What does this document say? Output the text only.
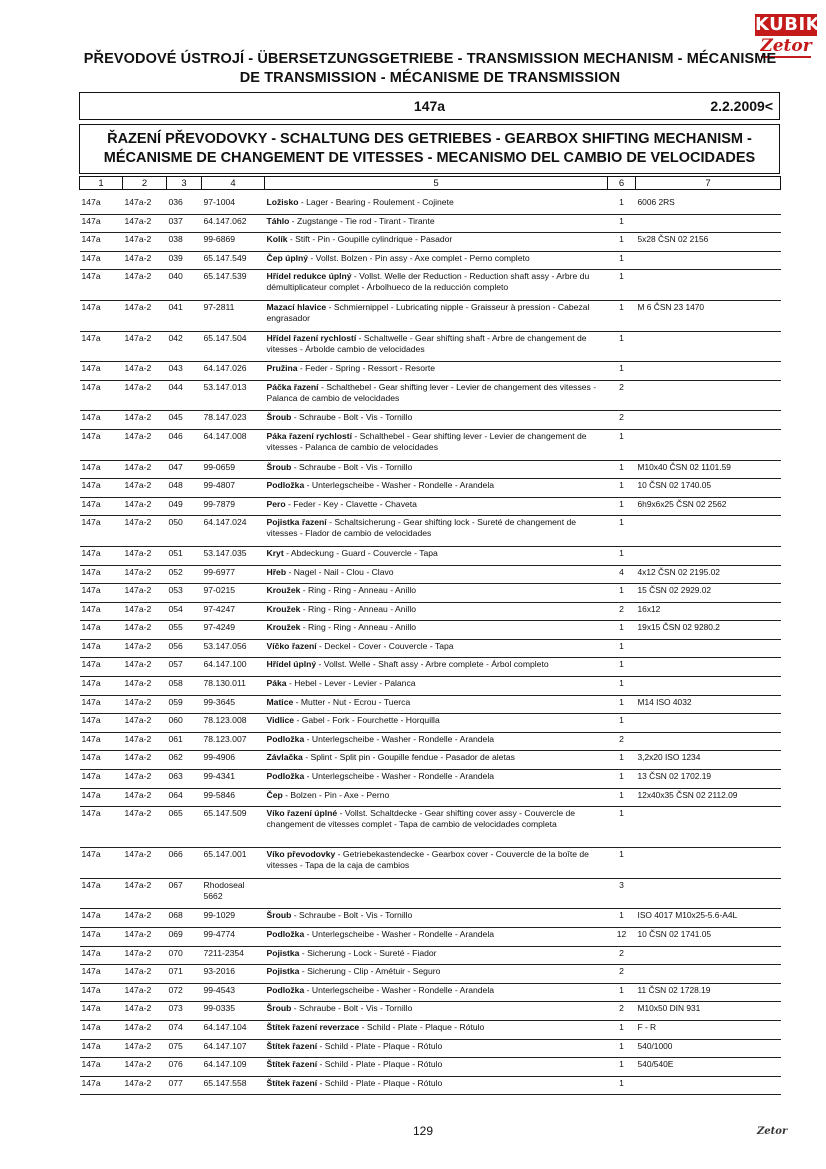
KUBIK
Zetor
PŘEVODOVÉ ÚSTROJÍ - ÜBERSETZUNGSGETRIEBE - TRANSMISSION MECHANISM - MÉCANISME DE TRANSMISSION - MÉCANISME DE TRANSMISSION
147a	2.2.2009<
ŘAZENÍ PŘEVODOVKY - SCHALTUNG DES GETRIEBES - GEARBOX SHIFTING MECHANISM - MÉCANISME DE CHANGEMENT DE VITESSES - MECANISMO DEL CAMBIO DE VELOCIDADES
1	2	3	4	5	6	7

147a	147a-2	036	97-1004	Ložisko - Lager - Bearing - Roulement - Cojinete	1	6006 2RS
147a	147a-2	037	64.147.062	Táhlo - Zugstange - Tie rod - Tirant - Tirante	1	
147a	147a-2	038	99-6869	Kolík - Stift - Pin - Goupille cylindrique - Pasador	1	5x28 ČSN 02 2156
147a	147a-2	039	65.147.549	Čep úplný - Vollst. Bolzen - Pin assy - Axe complet - Perno completo	1	
147a	147a-2	040	65.147.539	Hřídel redukce úplný - Vollst. Welle der Reduction - Reduction shaft assy - Arbre du démultiplicateur complet - Árbolhueco de la reducción completo	1	
147a	147a-2	041	97-2811	Mazací hlavice - Schmiernippel - Lubricating nipple - Graisseur à pression - Cabezal engrasador	1	M 6 ČSN 23 1470
147a	147a-2	042	65.147.504	Hřídel řazení rychlostí - Schaltwelle - Gear shifting shaft - Arbre de changement de vitesses - Árbolde cambio de velocidades	1	
147a	147a-2	043	64.147.026	Pružina - Feder - Spring - Ressort - Resorte	1	
147a	147a-2	044	53.147.013	Páčka řazení - Schalthebel - Gear shifting lever - Levier de changement des vitesses - Palanca de cambio de velocidades	2	
147a	147a-2	045	78.147.023	Šroub - Schraube - Bolt - Vis - Tornillo	2	
147a	147a-2	046	64.147.008	Páka řazení rychlostí - Schalthebel - Gear shifting lever - Levier de changement de vitesses - Palanca de cambio de velocidades	1	
147a	147a-2	047	99-0659	Šroub - Schraube - Bolt - Vis - Tornillo	1	M10x40 ČSN 02 1101.59
147a	147a-2	048	99-4807	Podložka - Unterlegscheibe - Washer - Rondelle - Arandela	1	10 ČSN 02 1740.05
147a	147a-2	049	99-7879	Pero - Feder - Key - Clavette - Chaveta	1	6h9x6x25 ČSN 02 2562
147a	147a-2	050	64.147.024	Pojistka řazení - Schaltsicherung - Gear shifting lock - Sureté de changement de vitesses - Flador de cambio de velocidades	1	
147a	147a-2	051	53.147.035	Kryt - Abdeckung - Guard - Couvercle - Tapa	1	
147a	147a-2	052	99-6977	Hřeb - Nagel - Nail - Clou - Clavo	4	4x12 ČSN 02 2195.02
147a	147a-2	053	97-0215	Kroužek - Ring - Ring - Anneau - Anillo	1	15 ČSN 02 2929.02
147a	147a-2	054	97-4247	Kroužek - Ring - Ring - Anneau - Anillo	2	16x12
147a	147a-2	055	97-4249	Kroužek - Ring - Ring - Anneau - Anillo	1	19x15 ČSN 02 9280.2
147a	147a-2	056	53.147.056	Víčko řazení - Deckel - Cover - Couvercle - Tapa	1	
147a	147a-2	057	64.147.100	Hřídel úplný - Vollst. Welle - Shaft assy - Arbre complete - Árbol completo	1	
147a	147a-2	058	78.130.011	Páka - Hebel - Lever - Levier - Palanca	1	
147a	147a-2	059	99-3645	Matice - Mutter - Nut - Ecrou - Tuerca	1	M14 ISO 4032
147a	147a-2	060	78.123.008	Vidlice - Gabel - Fork - Fourchette - Horquilla	1	
147a	147a-2	061	78.123.007	Podložka - Unterlegscheibe - Washer - Rondelle - Arandela	2	
147a	147a-2	062	99-4906	Závlačka - Splint - Split pin - Goupille fendue - Pasador de aletas	1	3,2x20 ISO 1234
147a	147a-2	063	99-4341	Podložka - Unterlegscheibe - Washer - Rondelle - Arandela	1	13 ČSN 02 1702.19
147a	147a-2	064	99-5846	Čep - Bolzen - Pin - Axe - Perno	1	12x40x35 ČSN 02 2112.09
147a	147a-2	065	65.147.509	Víko řazení úplné - Vollst. Schaltdecke - Gear shifting cover assy - Couvercle de changement de vitesses complet - Tapa de cambio de velocidades completa	1	
147a	147a-2	066	65.147.001	Víko převodovky - Getriebekastendecke - Gearbox cover - Couvercle de la boîte de vitesses - Tapa de la caja de cambios	1	
147a	147a-2	067	Rhodoseal 5662		3	
147a	147a-2	068	99-1029	Šroub - Schraube - Bolt - Vis - Tornillo	1	ISO 4017 M10x25-5.6-A4L
147a	147a-2	069	99-4774	Podložka - Unterlegscheibe - Washer - Rondelle - Arandela	12	10 ČSN 02 1741.05
147a	147a-2	070	7211-2354	Pojistka - Sicherung - Lock - Sureté - Fiador	2	
147a	147a-2	071	93-2016	Pojistka - Sicherung - Clip - Amétuir - Seguro	2	
147a	147a-2	072	99-4543	Podložka - Unterlegscheibe - Washer - Rondelle - Arandela	1	11 ČSN 02 1728.19
147a	147a-2	073	99-0335	Šroub - Schraube - Bolt - Vis - Tornillo	2	M10x50 DIN 931
147a	147a-2	074	64.147.104	Štítek řazení reverzace - Schild - Plate - Plaque - Rótulo	1	F - R
147a	147a-2	075	64.147.107	Štítek řazení - Schild - Plate - Plaque - Rótulo	1	540/1000
147a	147a-2	076	64.147.109	Štítek řazení - Schild - Plate - Plaque - Rótulo	1	540/540E
147a	147a-2	077	65.147.558	Štítek řazení - Schild - Plate - Plaque - Rótulo	1	
129	Zetor
